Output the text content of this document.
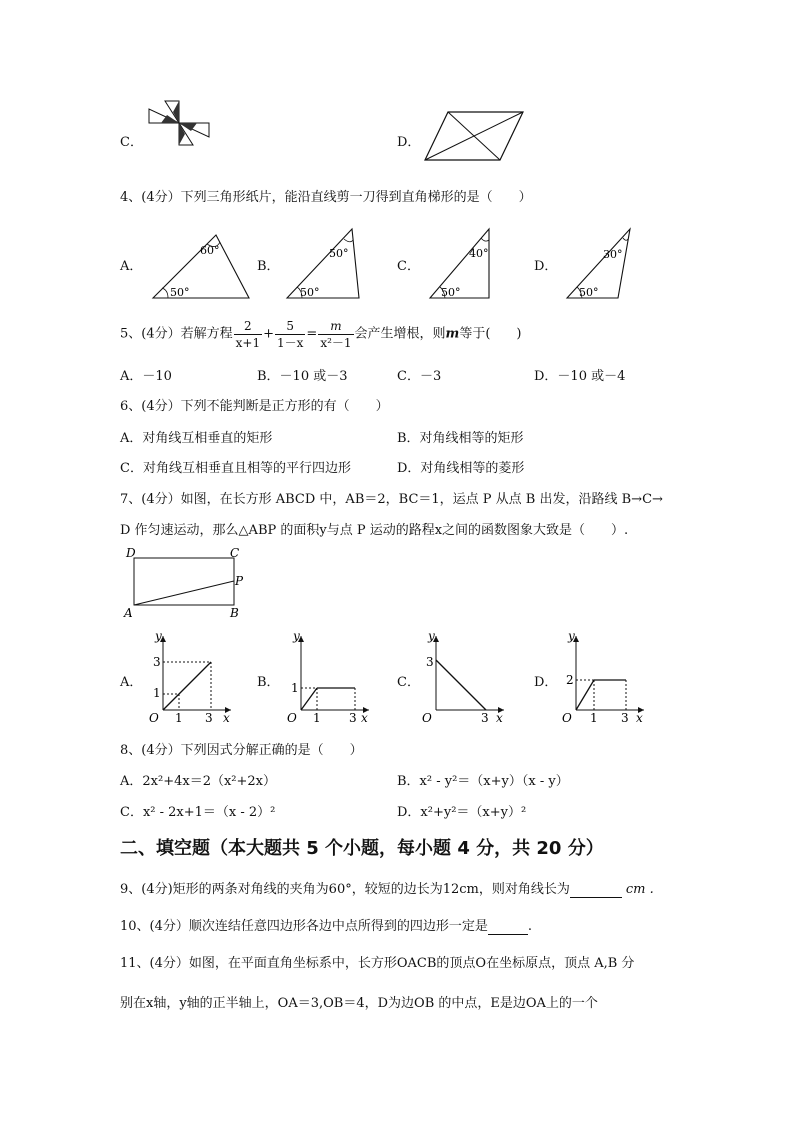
C．	D．
4、(4分）下列三角形纸片，能沿直线剪一刀得到直角梯形的是（　　）
A．
60°
50°
B．
50°
50°
C．
40°
50°
D．
30°
50°
5、(4分）若解方程 $\frac{2}{x+1} + \frac{5}{1-x} = \frac{m}{\text{x²－1}}$ 会产生增根，则m等于(　　)
A．－10	B．－10 或－3	C．－3	D．－10 或－4
6、(4分）下列不能判断是正方形的有（　　）
A．对角线互相垂直的矩形	B．对角线相等的矩形
C．对角线互相垂直且相等的平行四边形	D．对角线相等的菱形
7、(4分）如图，在长方形 ABCD 中，AB＝2，BC＝1，运点 P 从点 B 出发，沿路线 B→C→
D 作匀速运动，那么△ABP 的面积y与点 P 运动的路程x之间的函数图象大致是（　　）.
D	C
P
A	B
A．
y
x
O
3
1
1 3
B．
y
x
O
1
1 3
C．
y
x
O
3
3
D．
y
x
O
2
1 3
8、(4分）下列因式分解正确的是（　　）
A．2x²+4x＝2（x²+2x）	B．x² - y²＝（x+y）（x - y）
C．x² - 2x+1＝（x - 2）²	D．x²+y²＝（x+y）²
二、填空题（本大题共 5 个小题，每小题 4 分，共 20 分）
9、(4分)矩形的两条对角线的夹角为60°，较短的边长为12cm，则对角线长为	cm .
10、(4分）顺次连结任意四边形各边中点所得到的四边形一定是	.
11、(4分）如图，在平面直角坐标系中，长方形OACB的顶点O在坐标原点，顶点 A,B 分
别在x轴，y轴的正半轴上，OA＝3,OB＝4，D为边OB 的中点，E是边OA上的一个
